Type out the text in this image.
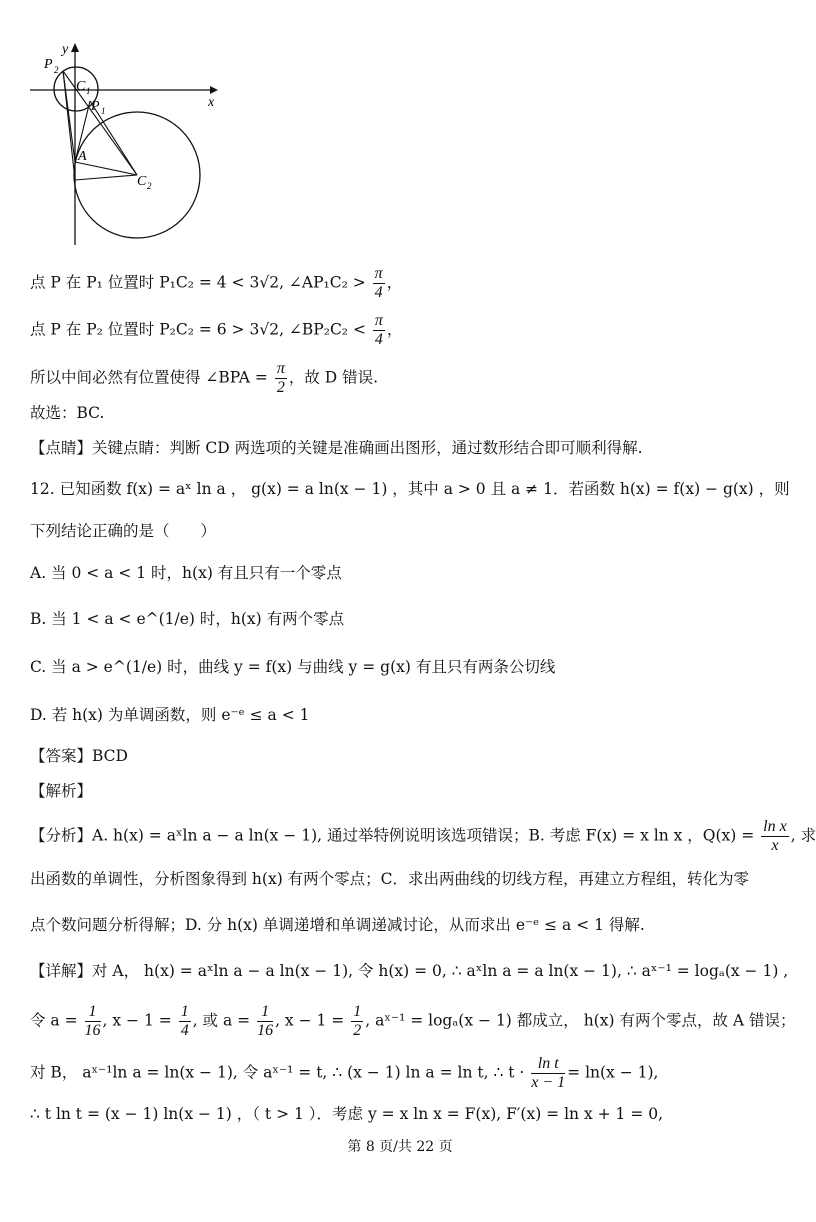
y
x
P 2
C 1
P 1
A
C 2
点 P 在 P₁ 位置时 P₁C₂ = 4 < 3√2, ∠AP₁C₂ > $\frac{\pi}{4}$ ，
点 P 在 P₂ 位置时 P₂C₂ = 6 > 3√2, ∠BP₂C₂ < $\frac{\pi}{4}$ ，
所以中间必然有位置使得 ∠BPA = $\frac{\pi}{2}$ ，故 D 错误.
故选：BC.
【点睛】关键点睛：判断 CD 两选项的关键是准确画出图形，通过数形结合即可顺利得解.
12. 已知函数 f(x) = aˣ ln a ， g(x) = a ln(x − 1) ，其中 a > 0 且 a ≠ 1．若函数 h(x) = f(x) − g(x) ，则
下列结论正确的是（　　）
A. 当 0 < a < 1 时，h(x) 有且只有一个零点
B. 当 1 < a < e^(1/e) 时，h(x) 有两个零点
C. 当 a > e^(1/e) 时，曲线 y = f(x) 与曲线 y = g(x) 有且只有两条公切线
D. 若 h(x) 为单调函数，则 e⁻ᵉ ≤ a < 1
【答案】BCD
【解析】
【分析】A. h(x) = aˣln a − a ln(x − 1), 通过举特例说明该选项错误；B. 考虑 F(x) = x ln x ，$Q(x) = \frac{\text{ln x}}{x}$ , 求
出函数的单调性，分析图象得到 h(x) 有两个零点；C．求出两曲线的切线方程，再建立方程组，转化为零
点个数问题分析得解；D. 分 h(x) 单调递增和单调递减讨论，从而求出 e⁻ᵉ ≤ a < 1 得解.
【详解】对 A， h(x) = aˣln a − a ln(x − 1), 令 h(x) = 0, ∴ aˣln a = a ln(x − 1), ∴ aˣ⁻¹ = logₐ(x − 1) ,
令 $a = \frac{1}{16}$ , $x - 1 = \frac{1}{4}$ , 或 $a = \frac{1}{16}$ , $x - 1 = \frac{1}{2}$ , aˣ⁻¹ = logₐ(x − 1) 都成立， h(x) 有两个零点，故 A 错误；
对 B， aˣ⁻¹ln a = ln(x − 1), 令 aˣ⁻¹ = t, ∴ (x − 1) ln a = ln t, ∴ $t \cdot \frac{\text{ln t}}{x - 1} = \ln(x - 1)$,
∴ t ln t = (x − 1) ln(x − 1) ，（ t > 1 ）．考虑 y = x ln x = F(x), F′(x) = ln x + 1 = 0,
第 8 页/共 22 页
